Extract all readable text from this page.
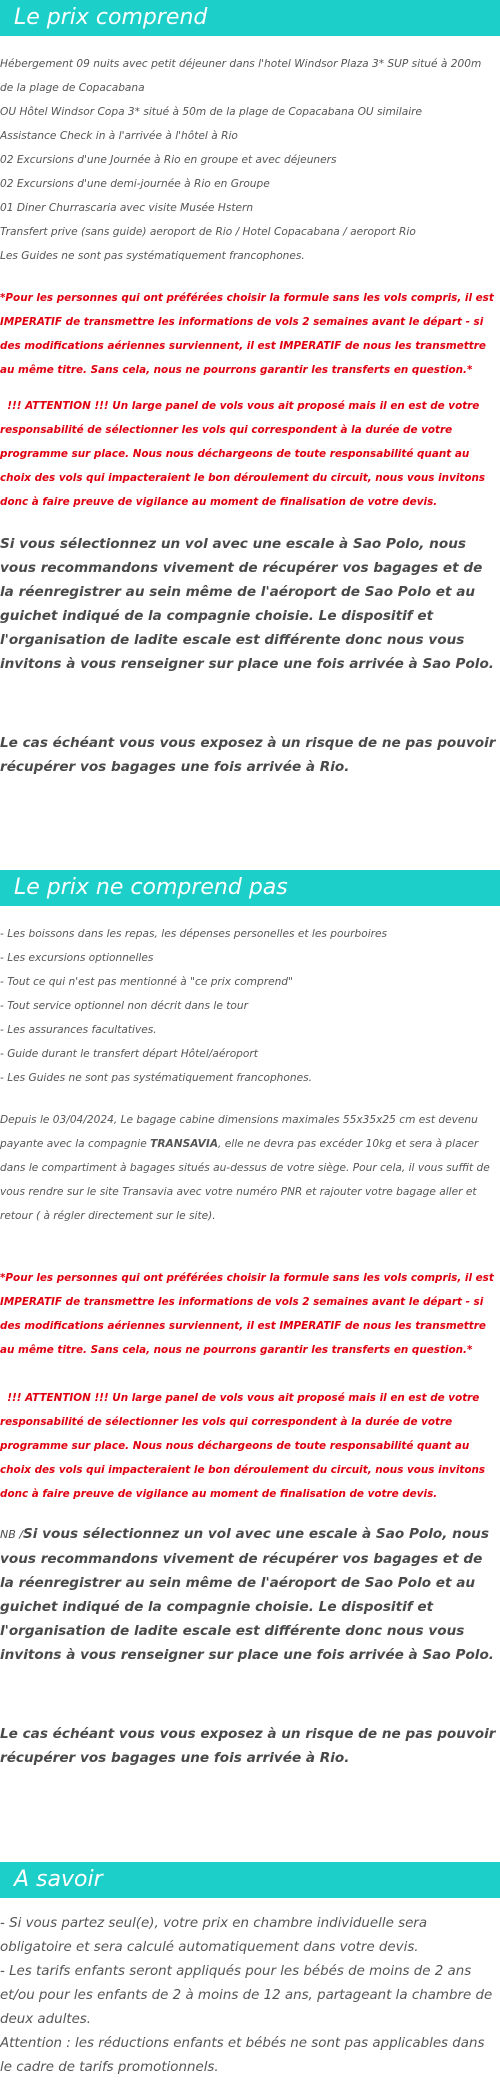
Le prix comprend
Hébergement 09 nuits avec petit déjeuner dans l'hotel Windsor Plaza 3* SUP situé à 200m
de la plage de Copacabana
OU Hôtel Windsor Copa 3* situé à 50m de la plage de Copacabana OU similaire
Assistance Check in à l'arrivée à l'hôtel à Rio
02 Excursions d'une Journée à Rio en groupe et avec déjeuners
02 Excursions d'une demi-journée à Rio en Groupe
01 Diner Churrascaria avec visite Musée Hstern
Transfert prive (sans guide) aeroport de Rio / Hotel Copacabana / aeroport Rio
Les Guides ne sont pas systématiquement francophones.
*Pour les personnes qui ont préférées choisir la formule sans les vols compris, il est IMPERATIF de transmettre les informations de vols 2 semaines avant le départ - si des modifications aériennes surviennent, il est IMPERATIF de nous les transmettre au même titre. Sans cela, nous ne pourrons garantir les transferts en question.*
!!! ATTENTION !!! Un large panel de vols vous ait proposé mais il en est de votre responsabilité de sélectionner les vols qui correspondent à la durée de votre programme sur place. Nous nous déchargeons de toute responsabilité quant au choix des vols qui impacteraient le bon déroulement du circuit, nous vous invitons donc à faire preuve de vigilance au moment de finalisation de votre devis.
Si vous sélectionnez un vol avec une escale à Sao Polo, nous vous recommandons vivement de récupérer vos bagages et de la réenregistrer au sein même de l'aéroport de Sao Polo et au guichet indiqué de la compagnie choisie. Le dispositif et l'organisation de ladite escale est différente donc nous vous invitons à vous renseigner sur place une fois arrivée à Sao Polo.
Le cas échéant vous vous exposez à un risque de ne pas pouvoir récupérer vos bagages une fois arrivée à Rio.
Le prix ne comprend pas
- Les boissons dans les repas, les dépenses personelles et les pourboires
- Les excursions optionnelles
- Tout ce qui n'est pas mentionné à "ce prix comprend"
- Tout service optionnel non décrit dans le tour
- Les assurances facultatives.
- Guide durant le transfert départ Hôtel/aéroport
- Les Guides ne sont pas systématiquement francophones.
Depuis le 03/04/2024, Le bagage cabine dimensions maximales 55x35x25 cm est devenu payante avec la compagnie TRANSAVIA, elle ne devra pas excéder 10kg et sera à placer dans le compartiment à bagages situés au-dessus de votre siège. Pour cela, il vous suffit de vous rendre sur le site Transavia avec votre numéro PNR et rajouter votre bagage aller et retour ( à régler directement sur le site).
*Pour les personnes qui ont préférées choisir la formule sans les vols compris, il est IMPERATIF de transmettre les informations de vols 2 semaines avant le départ - si des modifications aériennes surviennent, il est IMPERATIF de nous les transmettre au même titre. Sans cela, nous ne pourrons garantir les transferts en question.*
!!! ATTENTION !!! Un large panel de vols vous ait proposé mais il en est de votre responsabilité de sélectionner les vols qui correspondent à la durée de votre programme sur place. Nous nous déchargeons de toute responsabilité quant au choix des vols qui impacteraient le bon déroulement du circuit, nous vous invitons donc à faire preuve de vigilance au moment de finalisation de votre devis.
NB /Si vous sélectionnez un vol avec une escale à Sao Polo, nous vous recommandons vivement de récupérer vos bagages et de la réenregistrer au sein même de l'aéroport de Sao Polo et au guichet indiqué de la compagnie choisie. Le dispositif et l'organisation de ladite escale est différente donc nous vous invitons à vous renseigner sur place une fois arrivée à Sao Polo.
Le cas échéant vous vous exposez à un risque de ne pas pouvoir récupérer vos bagages une fois arrivée à Rio.
A savoir
- Si vous partez seul(e), votre prix en chambre individuelle sera obligatoire et sera calculé automatiquement dans votre devis.
- Les tarifs enfants seront appliqués pour les bébés de moins de 2 ans et/ou pour les enfants de 2 à moins de 12 ans, partageant la chambre de deux adultes.
Attention : les réductions enfants et bébés ne sont pas applicables dans le cadre de tarifs promotionnels.
